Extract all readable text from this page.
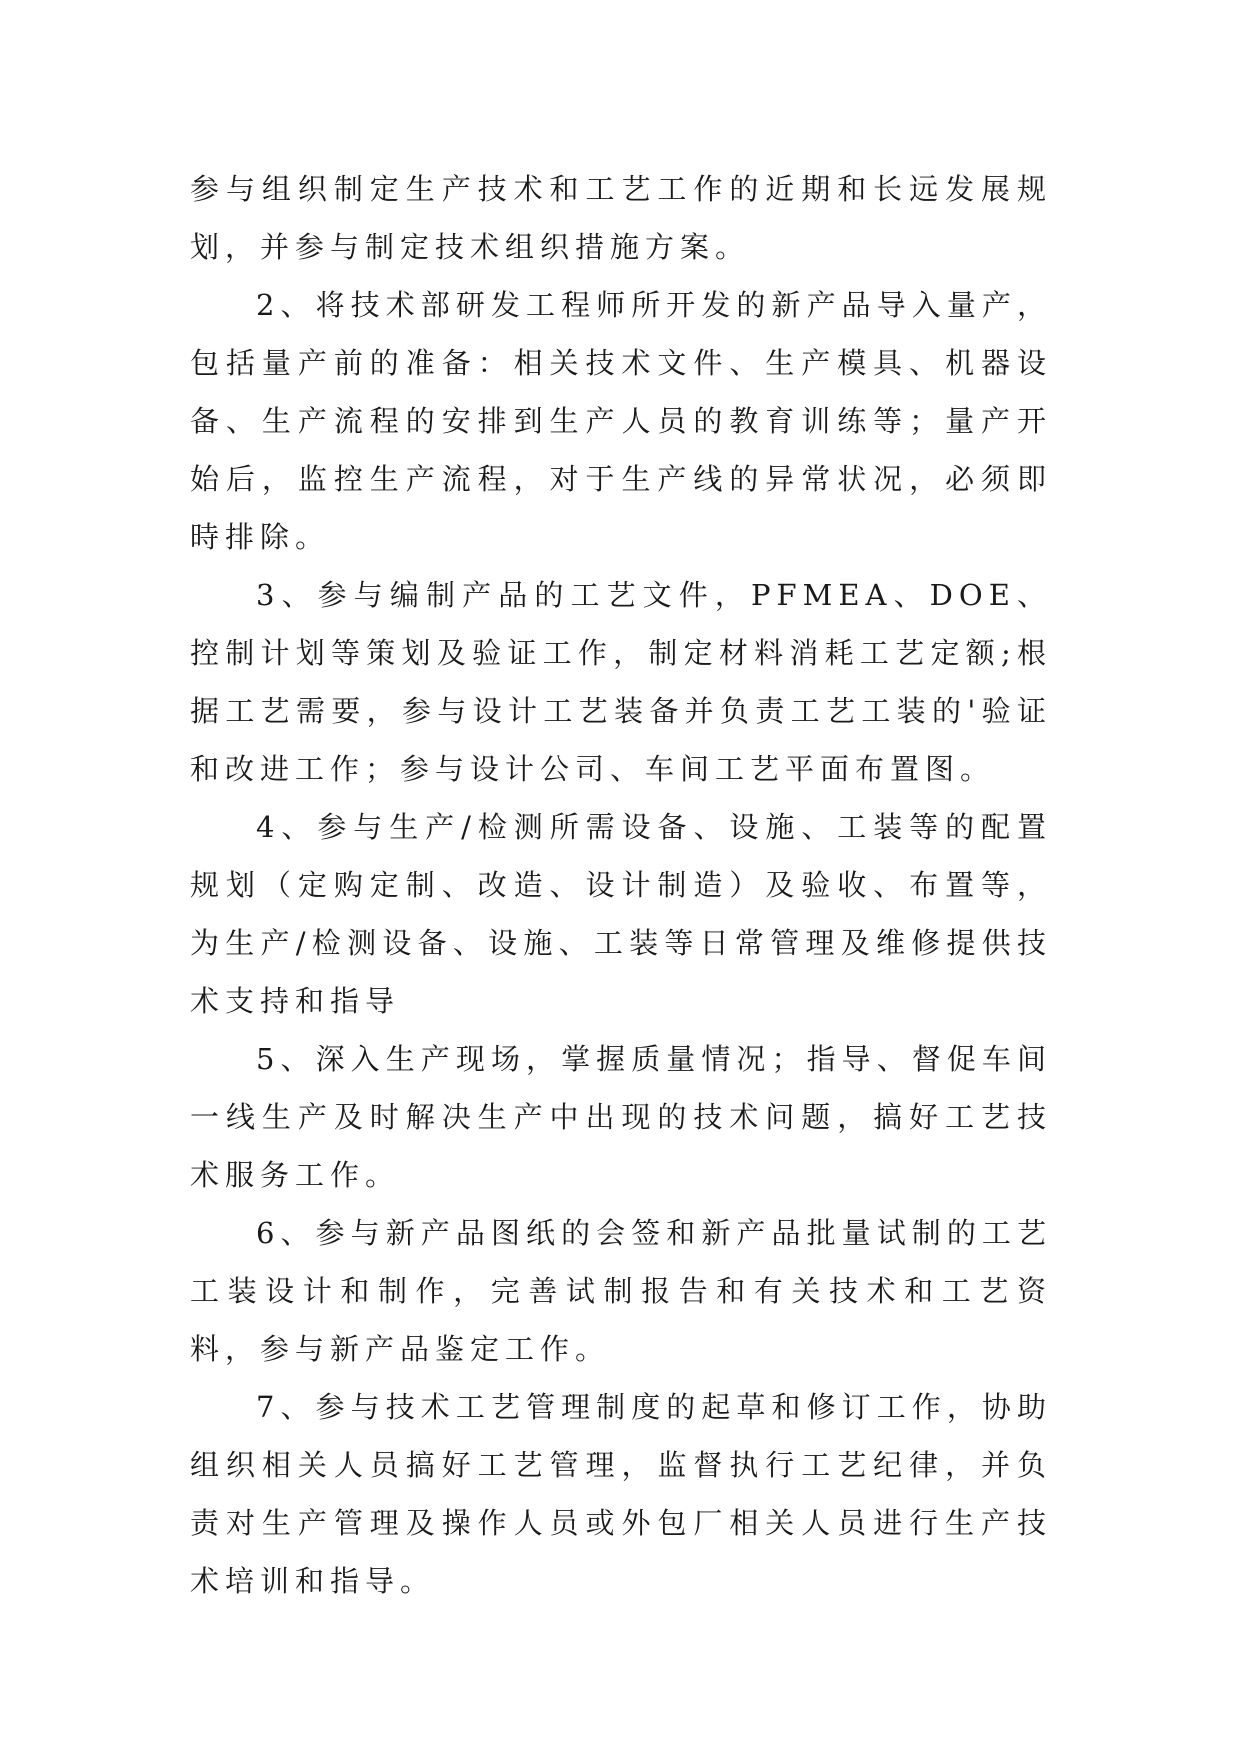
参与组织制定生产技术和工艺工作的近期和长远发展规划，并参与制定技术组织措施方案。

2、将技术部研发工程师所开发的新产品导入量产，包括量产前的准备：相关技术文件、生产模具、机器设备、生产流程的安排到生产人员的教育训练等；量产开始后，监控生产流程，对于生产线的异常状况，必须即時排除。

3、参与编制产品的工艺文件，PFMEA、DOE、控制计划等策划及验证工作，制定材料消耗工艺定额;根据工艺需要，参与设计工艺装备并负责工艺工装的'验证和改进工作；参与设计公司、车间工艺平面布置图。

4、参与生产/检测所需设备、设施、工装等的配置规划（定购定制、改造、设计制造）及验收、布置等，为生产/检测设备、设施、工装等日常管理及维修提供技术支持和指导

5、深入生产现场，掌握质量情况；指导、督促车间一线生产及时解决生产中出现的技术问题，搞好工艺技术服务工作。

6、参与新产品图纸的会签和新产品批量试制的工艺工装设计和制作，完善试制报告和有关技术和工艺资料，参与新产品鉴定工作。

7、参与技术工艺管理制度的起草和修订工作，协助组织相关人员搞好工艺管理，监督执行工艺纪律，并负责对生产管理及操作人员或外包厂相关人员进行生产技术培训和指导。
